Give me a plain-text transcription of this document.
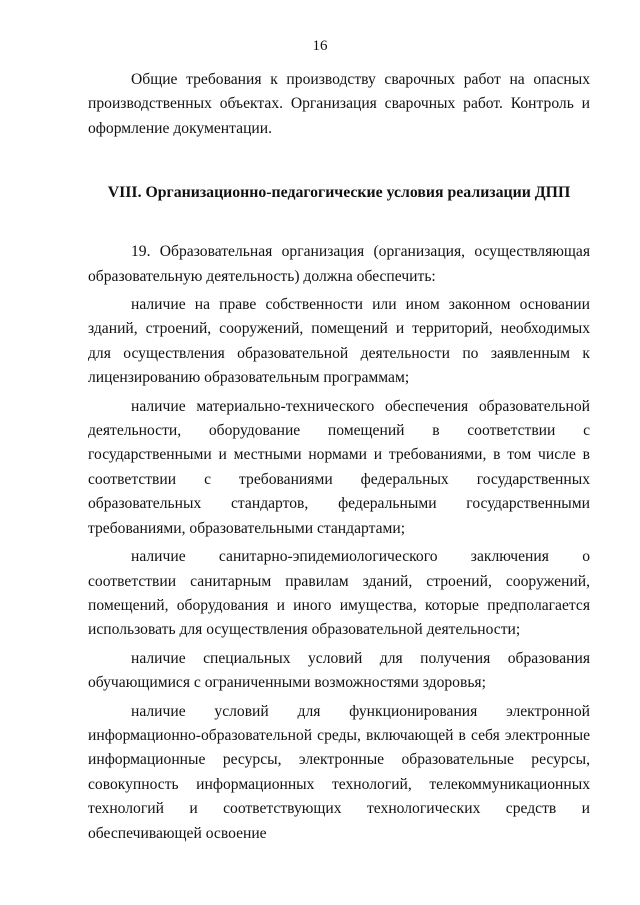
16

Общие требования к производству сварочных работ на опасных производственных объектах. Организация сварочных работ. Контроль и оформление документации.

VIII. Организационно-педагогические условия реализации ДПП

19. Образовательная организация (организация, осуществляющая образовательную деятельность) должна обеспечить:

наличие на праве собственности или ином законном основании зданий, строений, сооружений, помещений и территорий, необходимых для осуществления образовательной деятельности по заявленным к лицензированию образовательным программам;

наличие материально-технического обеспечения образовательной деятельности, оборудование помещений в соответствии с государственными и местными нормами и требованиями, в том числе в соответствии с требованиями федеральных государственных образовательных стандартов, федеральными государственными требованиями, образовательными стандартами;

наличие санитарно-эпидемиологического заключения о соответствии санитарным правилам зданий, строений, сооружений, помещений, оборудования и иного имущества, которые предполагается использовать для осуществления образовательной деятельности;

наличие специальных условий для получения образования обучающимися с ограниченными возможностями здоровья;

наличие условий для функционирования электронной информационно-образовательной среды, включающей в себя электронные информационные ресурсы, электронные образовательные ресурсы, совокупность информационных технологий, телекоммуникационных технологий и соответствующих технологических средств и обеспечивающей освоение
